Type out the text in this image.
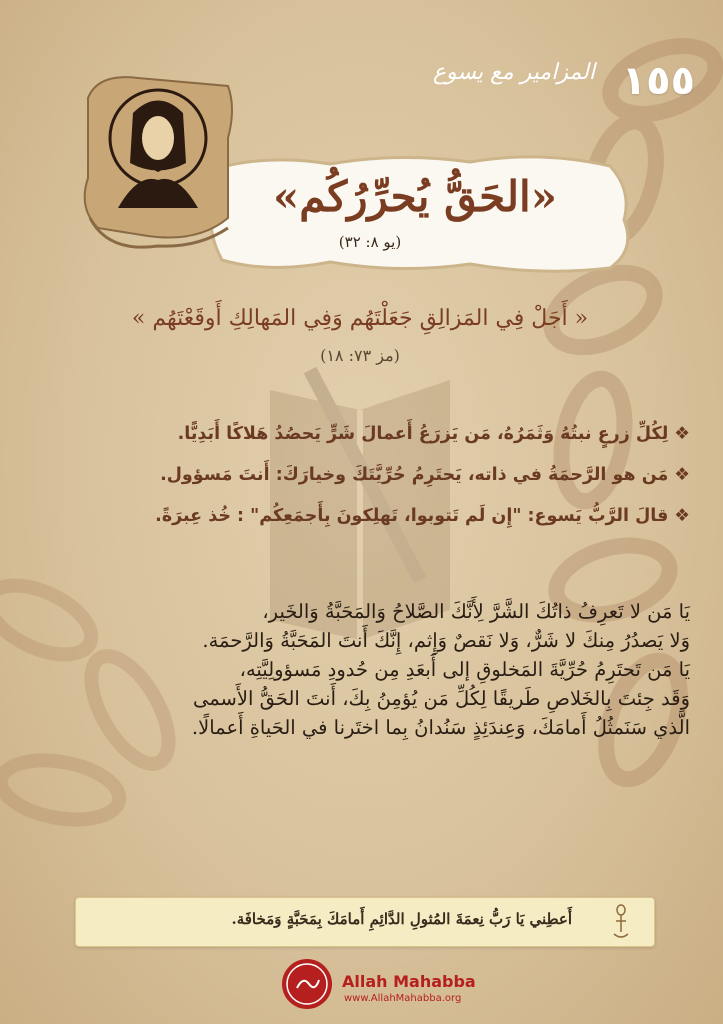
١٥٥
المزامير مع يسوع
«الحَقُّ يُحرِّرُكُم»
(يو ٨: ٣٢)
« أَجَلْ فِي المَزالِقِ جَعَلْتَهُم وَفِي المَهالِكِ أَوقَعْتَهُم »
(مز ٧٣: ١٨)
❖لِكُلِّ زرعٍ نبتُهُ وَثَمَرُهُ، مَن يَزرَعُ أَعمالَ شَرٍّ يَحصُدُ هَلاكًا أَبَدِيًّا.
❖مَن هو الرَّحمَةُ في ذاته، يَحتَرِمُ حُرِّيَّتَكَ وخيارَكَ: أَنتَ مَسؤول.
❖قالَ الرَّبُّ يَسوع: "إِن لَم تَتوبوا، تَهلِكونَ بِأَجمَعِكُم" : خُذ عِبرَةً.

يَا مَن لا تَعرِفُ ذاتُكَ الشَّرَّ لِأَنَّكَ الصَّلاحُ وَالمَحَبَّةُ وَالخَير،

وَلا يَصدُرُ مِنكَ لا شَرٌّ، وَلا نَقصٌ وَإِثم، إِنَّكَ أَنتَ المَحَبَّةُ وَالرَّحمَة.

يَا مَن تَحتَرِمُ حُرِّيَّةَ المَخلوقِ إلى أَبعَدِ مِن حُدودِ مَسؤولِيَّتِه،

وَقَد جِئتَ بِالخَلاصِ طَريقًا لِكُلِّ مَن يُؤمِنُ بِكَ، أَنتَ الحَقُّ الأَسمى

الَّذي سَنَمثُلُ أَمامَكَ، وَعِندَئِذٍ سَنُدانُ بِما اختَرنا في الحَياةِ أَعمالًا.

أَعطِني يَا رَبُّ نِعمَةَ المُثولِ الدَّائِمِ أَمامَكَ بِمَحَبَّةٍ وَمَخافَة.
Allah Mahabba
www.AllahMahabba.org
